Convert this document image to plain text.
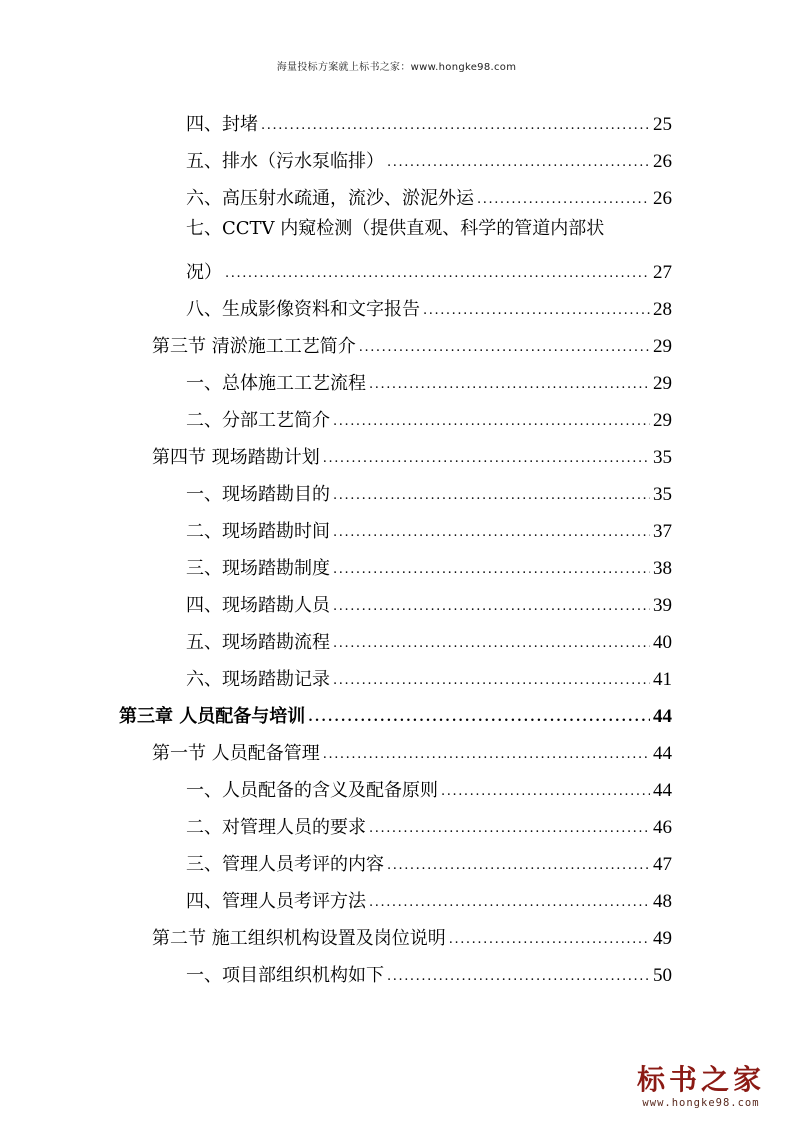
海量投标方案就上标书之家：www.hongke98.com
四、封堵 .....	25
五、排水（污水泵临排） .....	26
六、高压射水疏通，流沙、淤泥外运 .....	26
七、CCTV 内窥检测（提供直观、科学的管道内部状
况） .....	27
八、生成影像资料和文字报告 .....	28
第三节 清淤施工工艺简介 .....	29
一、总体施工工艺流程 .....	29
二、分部工艺简介 .....	29
第四节 现场踏勘计划 .....	35
一、现场踏勘目的 .....	35
二、现场踏勘时间 .....	37
三、现场踏勘制度 .....	38
四、现场踏勘人员 .....	39
五、现场踏勘流程 .....	40
六、现场踏勘记录 .....	41
第三章 人员配备与培训 .....	44
第一节 人员配备管理 .....	44
一、人员配备的含义及配备原则 .....	44
二、对管理人员的要求 .....	46
三、管理人员考评的内容 .....	47
四、管理人员考评方法 .....	48
第二节 施工组织机构设置及岗位说明 .....	49
一、项目部组织机构如下 .....	50
标书之家
www.hongke98.com
